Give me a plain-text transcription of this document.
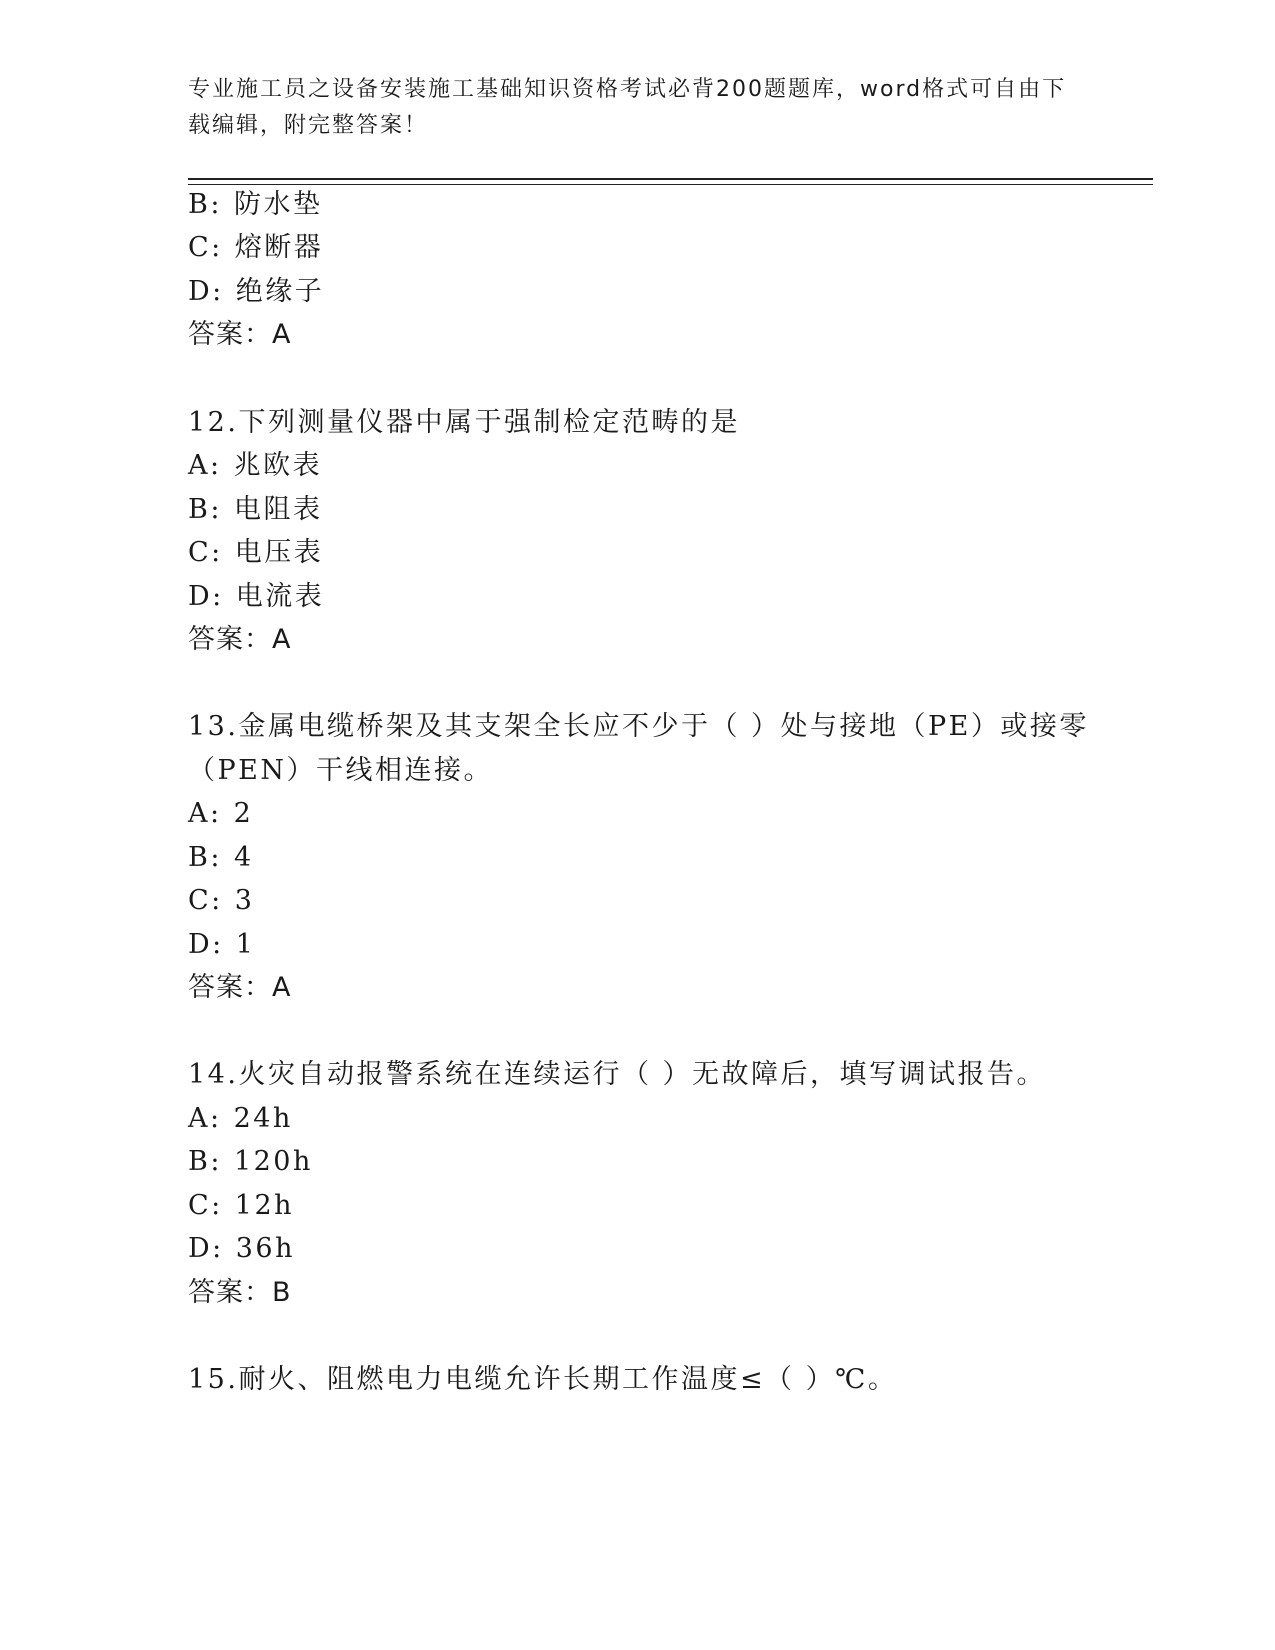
专业施工员之设备安装施工基础知识资格考试必背200题题库，word格式可自由下载编辑，附完整答案！
B: 防水垫
C: 熔断器
D: 绝缘子
答案：A
12.下列测量仪器中属于强制检定范畴的是
A: 兆欧表
B: 电阻表
C: 电压表
D: 电流表
答案：A
13.金属电缆桥架及其支架全长应不少于（ ）处与接地（PE）或接零
（PEN）干线相连接。
A: 2
B: 4
C: 3
D: 1
答案：A
14.火灾自动报警系统在连续运行（ ）无故障后，填写调试报告。
A: 24h
B: 120h
C: 12h
D: 36h
答案：B
15.耐火、阻燃电力电缆允许长期工作温度≤（ ）℃。
